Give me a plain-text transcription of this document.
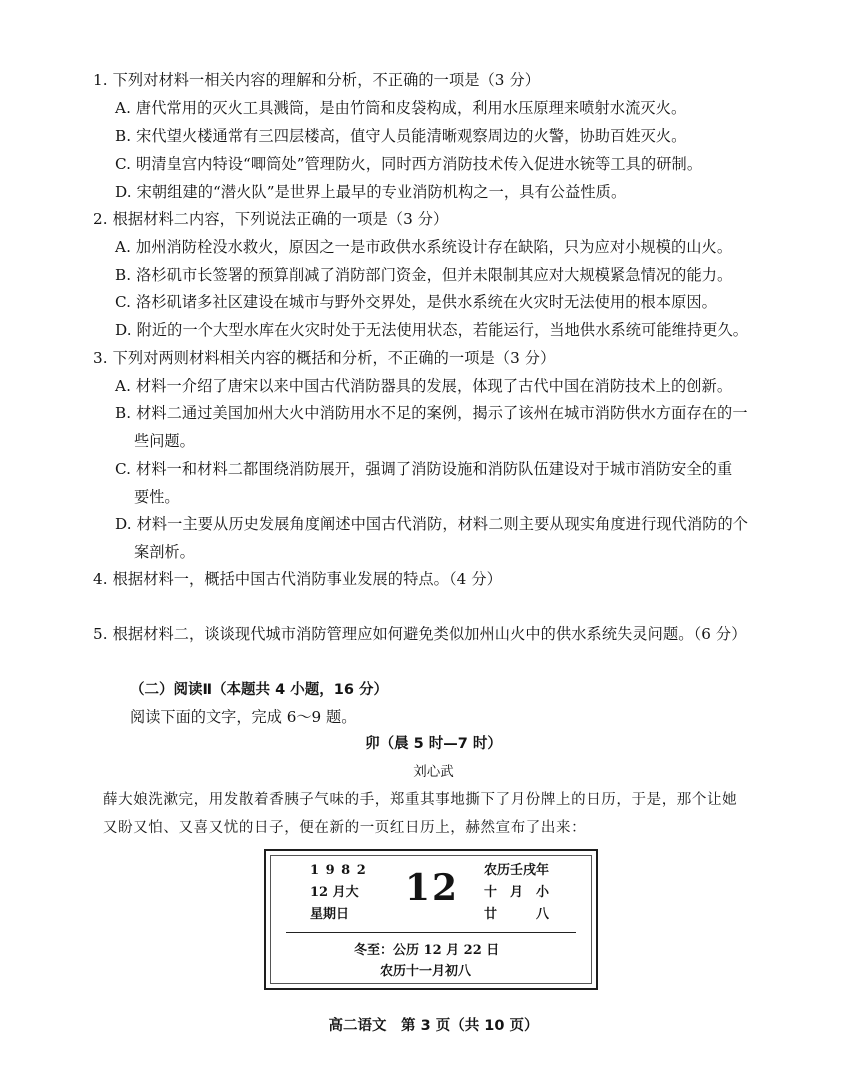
1. 下列对材料一相关内容的理解和分析，不正确的一项是（3 分）
A. 唐代常用的灭火工具溅筒，是由竹筒和皮袋构成，利用水压原理来喷射水流灭火。
B. 宋代望火楼通常有三四层楼高，值守人员能清晰观察周边的火警，协助百姓灭火。
C. 明清皇宫内特设“唧筒处”管理防火，同时西方消防技术传入促进水铳等工具的研制。
D. 宋朝组建的“潜火队”是世界上最早的专业消防机构之一，具有公益性质。
2. 根据材料二内容，下列说法正确的一项是（3 分）
A. 加州消防栓没水救火，原因之一是市政供水系统设计存在缺陷，只为应对小规模的山火。
B. 洛杉矶市长签署的预算削减了消防部门资金，但并未限制其应对大规模紧急情况的能力。
C. 洛杉矶诸多社区建设在城市与野外交界处，是供水系统在火灾时无法使用的根本原因。
D. 附近的一个大型水库在火灾时处于无法使用状态，若能运行，当地供水系统可能维持更久。
3. 下列对两则材料相关内容的概括和分析，不正确的一项是（3 分）
A. 材料一介绍了唐宋以来中国古代消防器具的发展，体现了古代中国在消防技术上的创新。
B. 材料二通过美国加州大火中消防用水不足的案例，揭示了该州在城市消防供水方面存在的一
些问题。
C. 材料一和材料二都围绕消防展开，强调了消防设施和消防队伍建设对于城市消防安全的重
要性。
D. 材料一主要从历史发展角度阐述中国古代消防，材料二则主要从现实角度进行现代消防的个
案剖析。
4. 根据材料一，概括中国古代消防事业发展的特点。（4 分）
5. 根据材料二，谈谈现代城市消防管理应如何避免类似加州山火中的供水系统失灵问题。（6 分）
（二）阅读Ⅱ（本题共 4 小题，16 分）
阅读下面的文字，完成 6～9 题。
卯（晨 5 时—7 时）
刘心武
薛大娘洗漱完，用发散着香胰子气味的手，郑重其事地撕下了月份牌上的日历，于是，那个让她
又盼又怕、又喜又忧的日子，便在新的一页红日历上，赫然宣布了出来：
1 9 8 2
12 月大
星期日
12 农历壬戌年
十　月　小
廿　　　八
冬至：公历 12 月 22 日
农历十一月初八
高二语文　第 3 页（共 10 页）
